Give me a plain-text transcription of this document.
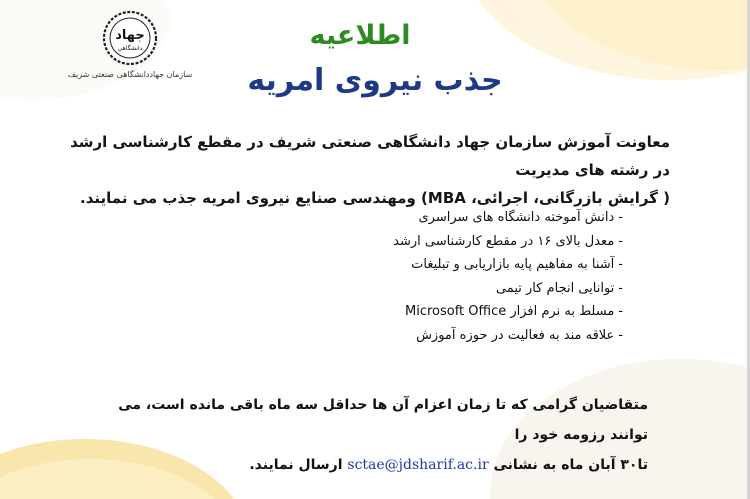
جهاد
دانشگاهی
سازمان جهاددانشگاهی صنعتی شریف
اطلاعیه
جذب نیروی امریه
معاونت آموزش سازمان جهاد دانشگاهی صنعتی شریف در مقطع کارشناسی ارشد در رشته های مدیریت
( گرایش بازرگانی، اجرائی، MBA) ومهندسی صنایع نیروی امریه جذب می نمایند.
-دانش آموخته دانشگاه های سراسری
-معدل بالای ۱۶ در مقطع کارشناسی ارشد
-آشنا به مفاهیم پایه بازاریابی و تبلیغات
-توانایی انجام کار تیمی
-مسلط به نرم افزار Microsoft Office
-علاقه مند به فعالیت در حوزه آموزش
متقاضیان گرامی که تا زمان اعزام آن ها حداقل سه ماه باقی مانده است، می توانند رزومه خود را
تا۳۰ آبان ماه به نشانی sctae@jdsharif.ac.ir ارسال نمایند.
